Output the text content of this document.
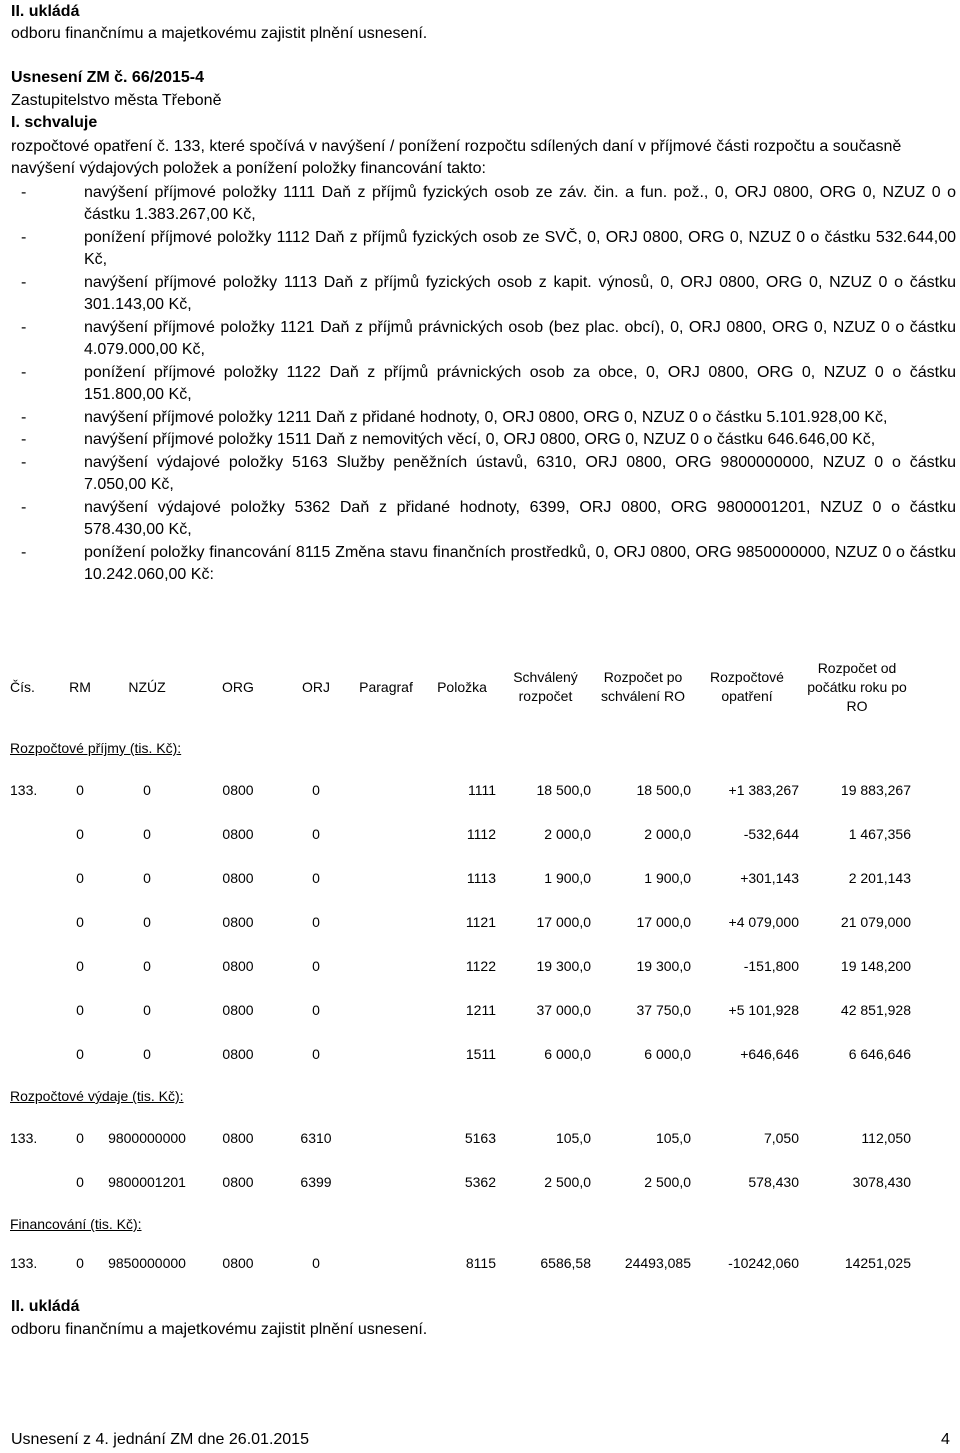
II. ukládá
odboru finančnímu a majetkovému zajistit plnění usnesení.
Usnesení ZM č. 66/2015-4
Zastupitelstvo města Třeboně
I. schvaluje
rozpočtové opatření č. 133, které spočívá v navýšení / ponížení rozpočtu sdílených daní v příjmové části rozpočtu a současně navýšení výdajových položek a ponížení položky financování takto:
-	navýšení příjmové položky 1111 Daň z příjmů fyzických osob ze záv. čin. a fun. pož., 0, ORJ 0800, ORG 0, NZUZ 0 o částku 1.383.267,00 Kč,
-	ponížení příjmové položky 1112 Daň z příjmů fyzických osob ze SVČ, 0, ORJ 0800, ORG 0, NZUZ 0 o částku 532.644,00 Kč,
-	navýšení příjmové položky 1113 Daň z příjmů fyzických osob z kapit. výnosů, 0, ORJ 0800, ORG 0, NZUZ 0 o částku 301.143,00 Kč,
-	navýšení příjmové položky 1121 Daň z příjmů právnických osob (bez plac. obcí), 0, ORJ 0800, ORG 0, NZUZ 0 o částku 4.079.000,00 Kč,
-	ponížení příjmové položky 1122 Daň z příjmů právnických osob za obce, 0, ORJ 0800, ORG 0, NZUZ 0 o částku 151.800,00 Kč,
-	navýšení příjmové položky 1211 Daň z přidané hodnoty, 0, ORJ 0800, ORG 0, NZUZ 0 o částku 5.101.928,00 Kč,
-	navýšení příjmové položky 1511 Daň z nemovitých věcí, 0, ORJ 0800, ORG 0, NZUZ 0 o částku 646.646,00 Kč,
-	navýšení výdajové položky 5163 Služby peněžních ústavů, 6310, ORJ 0800, ORG 9800000000, NZUZ 0 o částku 7.050,00 Kč,
-	navýšení výdajové položky 5362 Daň z přidané hodnoty, 6399, ORJ 0800, ORG 9800001201, NZUZ 0 o částku 578.430,00 Kč,
-	ponížení položky financování 8115 Změna stavu finančních prostředků, 0, ORJ 0800, ORG 9850000000, NZUZ 0 o částku 10.242.060,00 Kč:
Čís.	RM	NZÚZ	ORG	ORJ	Paragraf	Položka	Schválený rozpočet	Rozpočet po schválení RO	Rozpočtové opatření	Rozpočet od počátku roku po RO
Rozpočtové příjmy (tis. Kč):										
133.	0	0	0800	0		1111	18 500,0	18 500,0	+1 383,267	19 883,267
	0	0	0800	0		1112	2 000,0	2 000,0	-532,644	1 467,356
	0	0	0800	0		1113	1 900,0	1 900,0	+301,143	2 201,143
	0	0	0800	0		1121	17 000,0	17 000,0	+4 079,000	21 079,000
	0	0	0800	0		1122	19 300,0	19 300,0	-151,800	19 148,200
	0	0	0800	0		1211	37 000,0	37 750,0	+5 101,928	42 851,928
	0	0	0800	0		1511	6 000,0	6 000,0	+646,646	6 646,646
Rozpočtové výdaje (tis. Kč):										
133.	0	9800000000	0800	6310		5163	105,0	105,0	7,050	112,050
	0	9800001201	0800	6399		5362	2 500,0	2 500,0	578,430	3078,430
Financování (tis. Kč):										
133.	0	9850000000	0800	0		8115	6586,58	24493,085	-10242,060	14251,025
II. ukládá
odboru finančnímu a majetkovému zajistit plnění usnesení.
Usnesení z 4. jednání ZM dne 26.01.2015	4
